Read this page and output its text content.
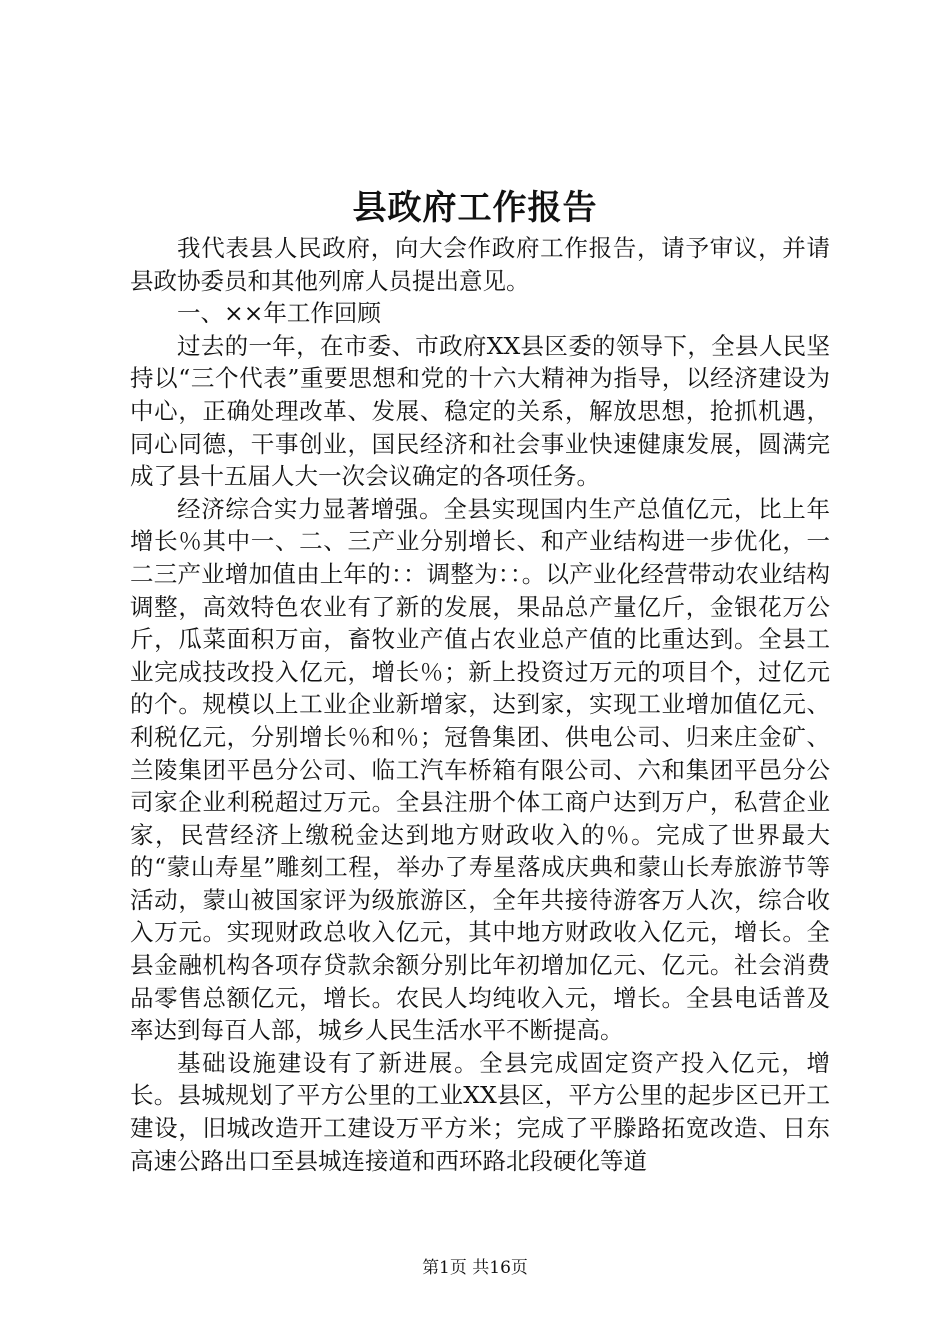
县政府工作报告

我代表县人民政府，向大会作政府工作报告，请予审议，并请县政协委员和其他列席人员提出意见。

一、××年工作回顾

过去的一年，在市委、市政府XX县区委的领导下，全县人民坚持以“三个代表”重要思想和党的十六大精神为指导，以经济建设为中心，正确处理改革、发展、稳定的关系，解放思想，抢抓机遇，同心同德，干事创业，国民经济和社会事业快速健康发展，圆满完成了县十五届人大一次会议确定的各项任务。

经济综合实力显著增强。全县实现国内生产总值亿元，比上年增长％其中一、二、三产业分别增长、和产业结构进一步优化，一二三产业增加值由上年的：：调整为：：。以产业化经营带动农业结构调整，高效特色农业有了新的发展，果品总产量亿斤，金银花万公斤，瓜菜面积万亩，畜牧业产值占农业总产值的比重达到。全县工业完成技改投入亿元，增长％；新上投资过万元的项目个，过亿元的个。规模以上工业企业新增家，达到家，实现工业增加值亿元、利税亿元，分别增长％和％；冠鲁集团、供电公司、归来庄金矿、兰陵集团平邑分公司、临工汽车桥箱有限公司、六和集团平邑分公司家企业利税超过万元。全县注册个体工商户达到万户，私营企业家，民营经济上缴税金达到地方财政收入的％。完成了世界最大的“蒙山寿星”雕刻工程，举办了寿星落成庆典和蒙山长寿旅游节等活动，蒙山被国家评为级旅游区，全年共接待游客万人次，综合收入万元。实现财政总收入亿元，其中地方财政收入亿元，增长。全县金融机构各项存贷款余额分别比年初增加亿元、亿元。社会消费品零售总额亿元，增长。农民人均纯收入元，增长。全县电话普及率达到每百人部，城乡人民生活水平不断提高。

基础设施建设有了新进展。全县完成固定资产投入亿元，增长。县城规划了平方公里的工业XX县区，平方公里的起步区已开工建设，旧城改造开工建设万平方米；完成了平滕路拓宽改造、日东高速公路出口至县城连接道和西环路北段硬化等道

第1页 共16页
